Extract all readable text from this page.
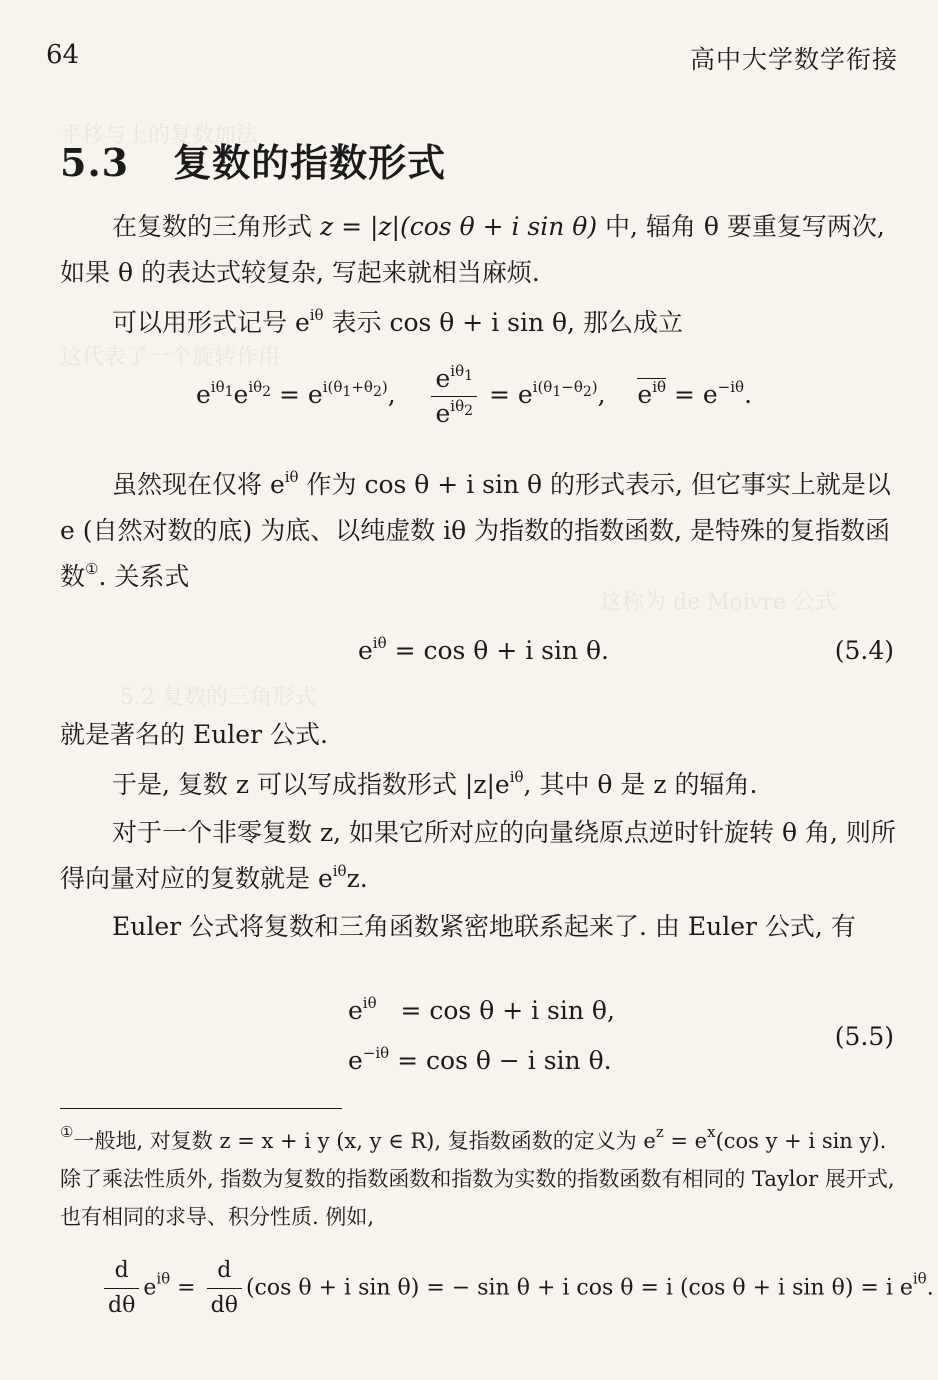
平移与上的复数加法
这代表了一个旋转作用
这称为 de Moivre 公式
5.2 复数的三角形式
64	高中大学数学衔接
5.3 复数的指数形式
在复数的三角形式 z = |z|(cos θ + i sin θ) 中, 辐角 θ 要重复写两次, 如果 θ 的表达式较复杂, 写起来就相当麻烦.
可以用形式记号 $e^{i\theta}$ 表示 cos θ + i sin θ, 那么成立
$e^{i\theta_1}e^{i\theta_2} = e^{i(\theta_1+\theta_2)}$, $\frac{e^{i\theta_1}}{e^{i\theta_2}} = e^{i(\theta_1-\theta_2)}$,    $e^{i\theta} = e^{-i\theta}$.
虽然现在仅将 $e^{i\theta}$ 作为 cos θ + i sin θ 的形式表示, 但它事实上就是以 e (自然对数的底) 为底、以纯虚数 iθ 为指数的指数函数, 是特殊的复指数函数①. 关系式
$e^{i\theta} = \cos \theta + i$ sin θ.	(5.4)
就是著名的 Euler 公式.
于是, 复数 z 可以写成指数形式 $|z|e^{i\theta}$, 其中 θ 是 z 的辐角.
对于一个非零复数 z, 如果它所对应的向量绕原点逆时针旋转 θ 角, 则所得向量对应的复数就是 $e^{i\theta}z$.
Euler 公式将复数和三角函数紧密地联系起来了. 由 Euler 公式, 有
$e^{i\theta} = \cos \theta + i$ sin θ,
$e^{-i\theta} = \cos \theta - i$ sin θ.
(5.5)
①一般地, 对复数 z = x + i y (x, y ∈ R), 复指数函数的定义为 $e^z = e^x(\cos$ y + i sin y). 除了乘法性质外, 指数为复数的指数函数和指数为实数的指数函数有相同的 Taylor 展开式, 也有相同的求导、积分性质. 例如,
$\frac{d}{d\theta} e^{i\theta} = \frac{d}{d\theta} (\cos$ θ + i sin θ) = − sin θ + i cos θ = i (cos θ + i sin θ) = i $e^{i\theta}$.
